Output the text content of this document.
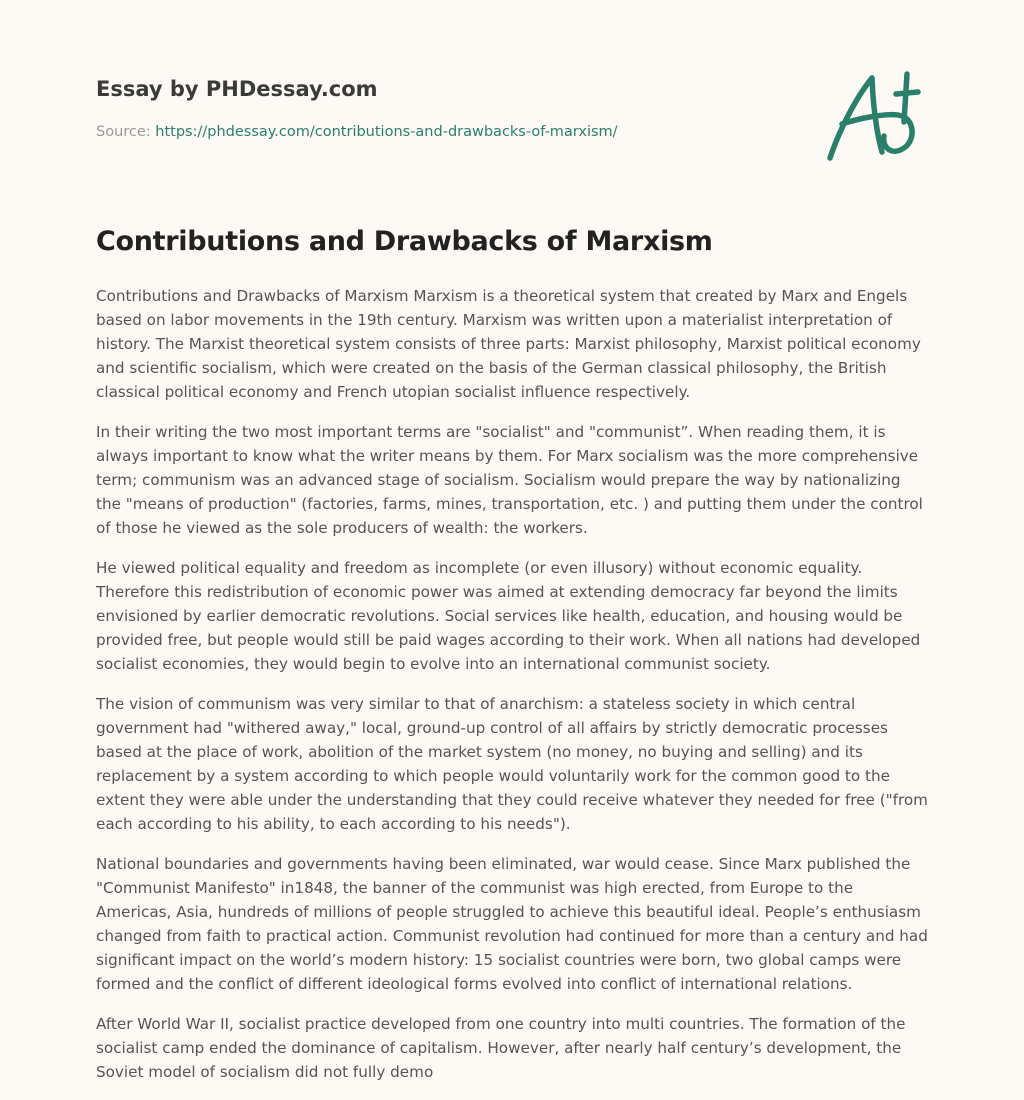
Essay by PHDessay.com

Source: https://phdessay.com/contributions-and-drawbacks-of-marxism/

Contributions and Drawbacks of Marxism

Contributions and Drawbacks of Marxism Marxism is a theoretical system that created by Marx and Engels based on labor movements in the 19th century. Marxism was written upon a materialist interpretation of history. The Marxist theoretical system consists of three parts: Marxist philosophy, Marxist political economy and scientific socialism, which were created on the basis of the German classical philosophy, the British classical political economy and French utopian socialist influence respectively.

In their writing the two most important terms are "socialist" and "communist”. When reading them, it is always important to know what the writer means by them. For Marx socialism was the more comprehensive term; communism was an advanced stage of socialism. Socialism would prepare the way by nationalizing the "means of production" (factories, farms, mines, transportation, etc. ) and putting them under the control of those he viewed as the sole producers of wealth: the workers.

He viewed political equality and freedom as incomplete (or even illusory) without economic equality. Therefore this redistribution of economic power was aimed at extending democracy far beyond the limits envisioned by earlier democratic revolutions. Social services like health, education, and housing would be provided free, but people would still be paid wages according to their work. When all nations had developed socialist economies, they would begin to evolve into an international communist society.

The vision of communism was very similar to that of anarchism: a stateless society in which central government had "withered away," local, ground-up control of all affairs by strictly democratic processes based at the place of work, abolition of the market system (no money, no buying and selling) and its replacement by a system according to which people would voluntarily work for the common good to the extent they were able under the understanding that they could receive whatever they needed for free ("from each according to his ability, to each according to his needs").

National boundaries and governments having been eliminated, war would cease. Since Marx published the "Communist Manifesto" in1848, the banner of the communist was high erected, from Europe to the Americas, Asia, hundreds of millions of people struggled to achieve this beautiful ideal. People’s enthusiasm changed from faith to practical action. Communist revolution had continued for more than a century and had significant impact on the world’s modern history: 15 socialist countries were born, two global camps were formed and the conflict of different ideological forms evolved into conflict of international relations.

After World War II, socialist practice developed from one country into multi countries. The formation of the socialist camp ended the dominance of capitalism. However, after nearly half century’s development, the Soviet model of socialism did not fully demo
